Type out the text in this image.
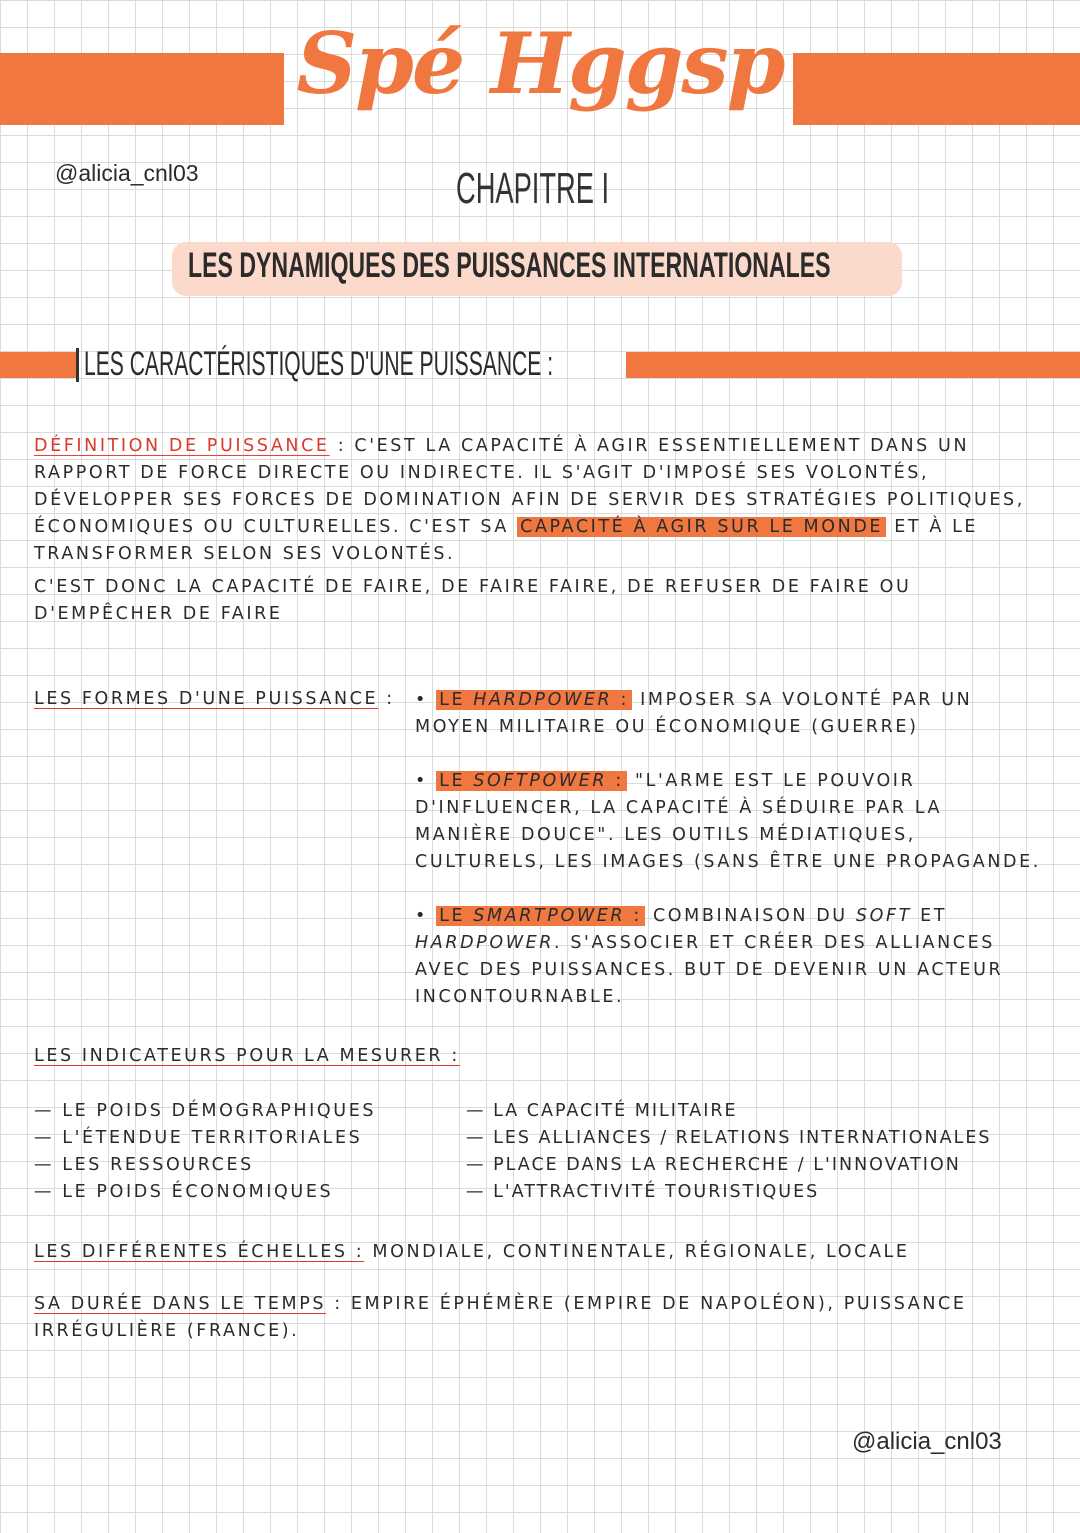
Spé Hggsp
@alicia_cnl03	CHAPITRE I
LES DYNAMIQUES DES PUISSANCES INTERNATIONALES
LES CARACTÉRISTIQUES D'UNE PUISSANCE :
DÉFINITION DE PUISSANCE : C'EST LA CAPACITÉ À AGIR ESSENTIELLEMENT DANS UN
RAPPORT DE FORCE DIRECTE OU INDIRECTE. IL S'AGIT D'IMPOSÉ SES VOLONTÉS,
DÉVELOPPER SES FORCES DE DOMINATION AFIN DE SERVIR DES STRATÉGIES POLITIQUES,
ÉCONOMIQUES OU CULTURELLES. C'EST SA CAPACITÉ À AGIR SUR LE MONDE ET À LE
TRANSFORMER SELON SES VOLONTÉS.
C'EST DONC LA CAPACITÉ DE FAIRE, DE FAIRE FAIRE, DE REFUSER DE FAIRE OU
D'EMPÊCHER DE FAIRE
LES FORMES D'UNE PUISSANCE : • LE HARDPOWER : IMPOSER SA VOLONTÉ PAR UN
MOYEN MILITAIRE OU ÉCONOMIQUE (GUERRE)
• LE SOFTPOWER : "L'ARME EST LE POUVOIR
D'INFLUENCER, LA CAPACITÉ À SÉDUIRE PAR LA
MANIÈRE DOUCE". LES OUTILS MÉDIATIQUES,
CULTURELS, LES IMAGES (SANS ÊTRE UNE PROPAGANDE.
• LE SMARTPOWER : COMBINAISON DU SOFT ET
HARDPOWER. S'ASSOCIER ET CRÉER DES ALLIANCES
AVEC DES PUISSANCES. BUT DE DEVENIR UN ACTEUR
INCONTOURNABLE.
LES INDICATEURS POUR LA MESURER :
— LE POIDS DÉMOGRAPHIQUES
— L'ÉTENDUE TERRITORIALES
— LES RESSOURCES
— LE POIDS ÉCONOMIQUES
— LA CAPACITÉ MILITAIRE
— LES ALLIANCES / RELATIONS INTERNATIONALES
— PLACE DANS LA RECHERCHE / L'INNOVATION
— L'ATTRACTIVITÉ TOURISTIQUES
LES DIFFÉRENTES ÉCHELLES : MONDIALE, CONTINENTALE, RÉGIONALE, LOCALE
SA DURÉE DANS LE TEMPS : EMPIRE ÉPHÉMÈRE (EMPIRE DE NAPOLÉON), PUISSANCE
IRRÉGULIÈRE (FRANCE).
@alicia_cnl03
